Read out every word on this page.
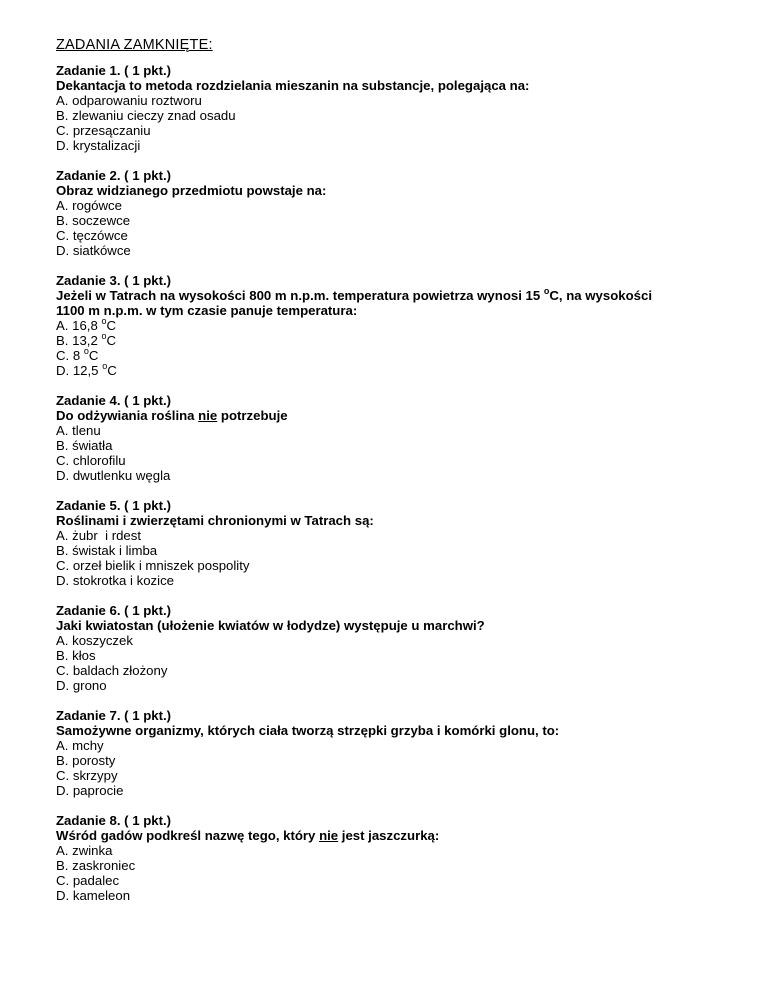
ZADANIA ZAMKNIĘTE:
Zadanie 1. ( 1 pkt.)
Dekantacja to metoda rozdzielania mieszanin na substancje, polegająca na:
A. odparowaniu roztworu
B. zlewaniu cieczy znad osadu
C. przesączaniu
D. krystalizacji
Zadanie 2. ( 1 pkt.)
Obraz widzianego przedmiotu powstaje na:
A. rogówce
B. soczewce
C. tęczówce
D. siatkówce
Zadanie 3. ( 1 pkt.)
Jeżeli w Tatrach na wysokości 800 m n.p.m. temperatura powietrza wynosi 15 $^o$C, na wysokości
1100 m n.p.m. w tym czasie panuje temperatura:
A. 16,8 $^o$C
B. 13,2 $^o$C
C. 8 $^o$C
D. 12,5 $^o$C
Zadanie 4. ( 1 pkt.)
Do odżywiania roślina nie potrzebuje
A. tlenu
B. światła
C. chlorofilu
D. dwutlenku węgla
Zadanie 5. ( 1 pkt.)
Roślinami i zwierzętami chronionymi w Tatrach są:
A. żubr  i rdest
B. świstak i limba
C. orzeł bielik i mniszek pospolity
D. stokrotka i kozice
Zadanie 6. ( 1 pkt.)
Jaki kwiatostan (ułożenie kwiatów w łodydze) występuje u marchwi?
A. koszyczek
B. kłos
C. baldach złożony
D. grono
Zadanie 7. ( 1 pkt.)
Samożywne organizmy, których ciała tworzą strzępki grzyba i komórki glonu, to:
A. mchy
B. porosty
C. skrzypy
D. paprocie
Zadanie 8. ( 1 pkt.)
Wśród gadów podkreśl nazwę tego, który nie jest jaszczurką:
A. zwinka
B. zaskroniec
C. padalec
D. kameleon
